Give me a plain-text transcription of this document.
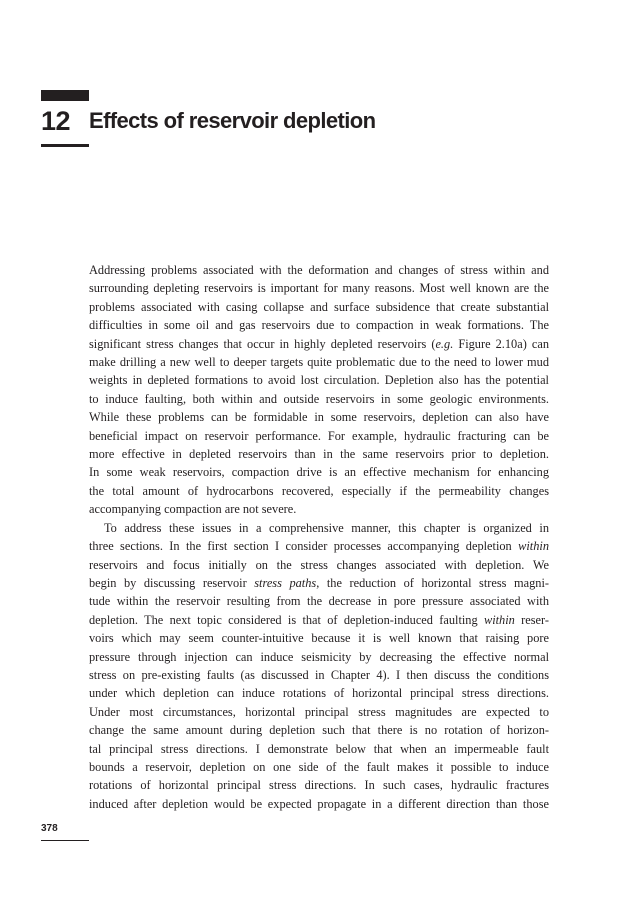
12 Effects of reservoir depletion

Addressing problems associated with the deformation and changes of stress within and

surrounding depleting reservoirs is important for many reasons. Most well known are the

problems associated with casing collapse and surface subsidence that create substantial

difficulties in some oil and gas reservoirs due to compaction in weak formations. The

significant stress changes that occur in highly depleted reservoirs (e.g. Figure 2.10a) can

make drilling a new well to deeper targets quite problematic due to the need to lower mud

weights in depleted formations to avoid lost circulation. Depletion also has the potential

to induce faulting, both within and outside reservoirs in some geologic environments.

While these problems can be formidable in some reservoirs, depletion can also have

beneficial impact on reservoir performance. For example, hydraulic fracturing can be

more effective in depleted reservoirs than in the same reservoirs prior to depletion.

In some weak reservoirs, compaction drive is an effective mechanism for enhancing

the total amount of hydrocarbons recovered, especially if the permeability changes

accompanying compaction are not severe.

To address these issues in a comprehensive manner, this chapter is organized in

three sections. In the first section I consider processes accompanying depletion within

reservoirs and focus initially on the stress changes associated with depletion. We

begin by discussing reservoir stress paths, the reduction of horizontal stress magni-

tude within the reservoir resulting from the decrease in pore pressure associated with

depletion. The next topic considered is that of depletion-induced faulting within reser-

voirs which may seem counter-intuitive because it is well known that raising pore

pressure through injection can induce seismicity by decreasing the effective normal

stress on pre-existing faults (as discussed in Chapter 4). I then discuss the conditions

under which depletion can induce rotations of horizontal principal stress directions.

Under most circumstances, horizontal principal stress magnitudes are expected to

change the same amount during depletion such that there is no rotation of horizon-

tal principal stress directions. I demonstrate below that when an impermeable fault

bounds a reservoir, depletion on one side of the fault makes it possible to induce

rotations of horizontal principal stress directions. In such cases, hydraulic fractures

induced after depletion would be expected propagate in a different direction than those

378
